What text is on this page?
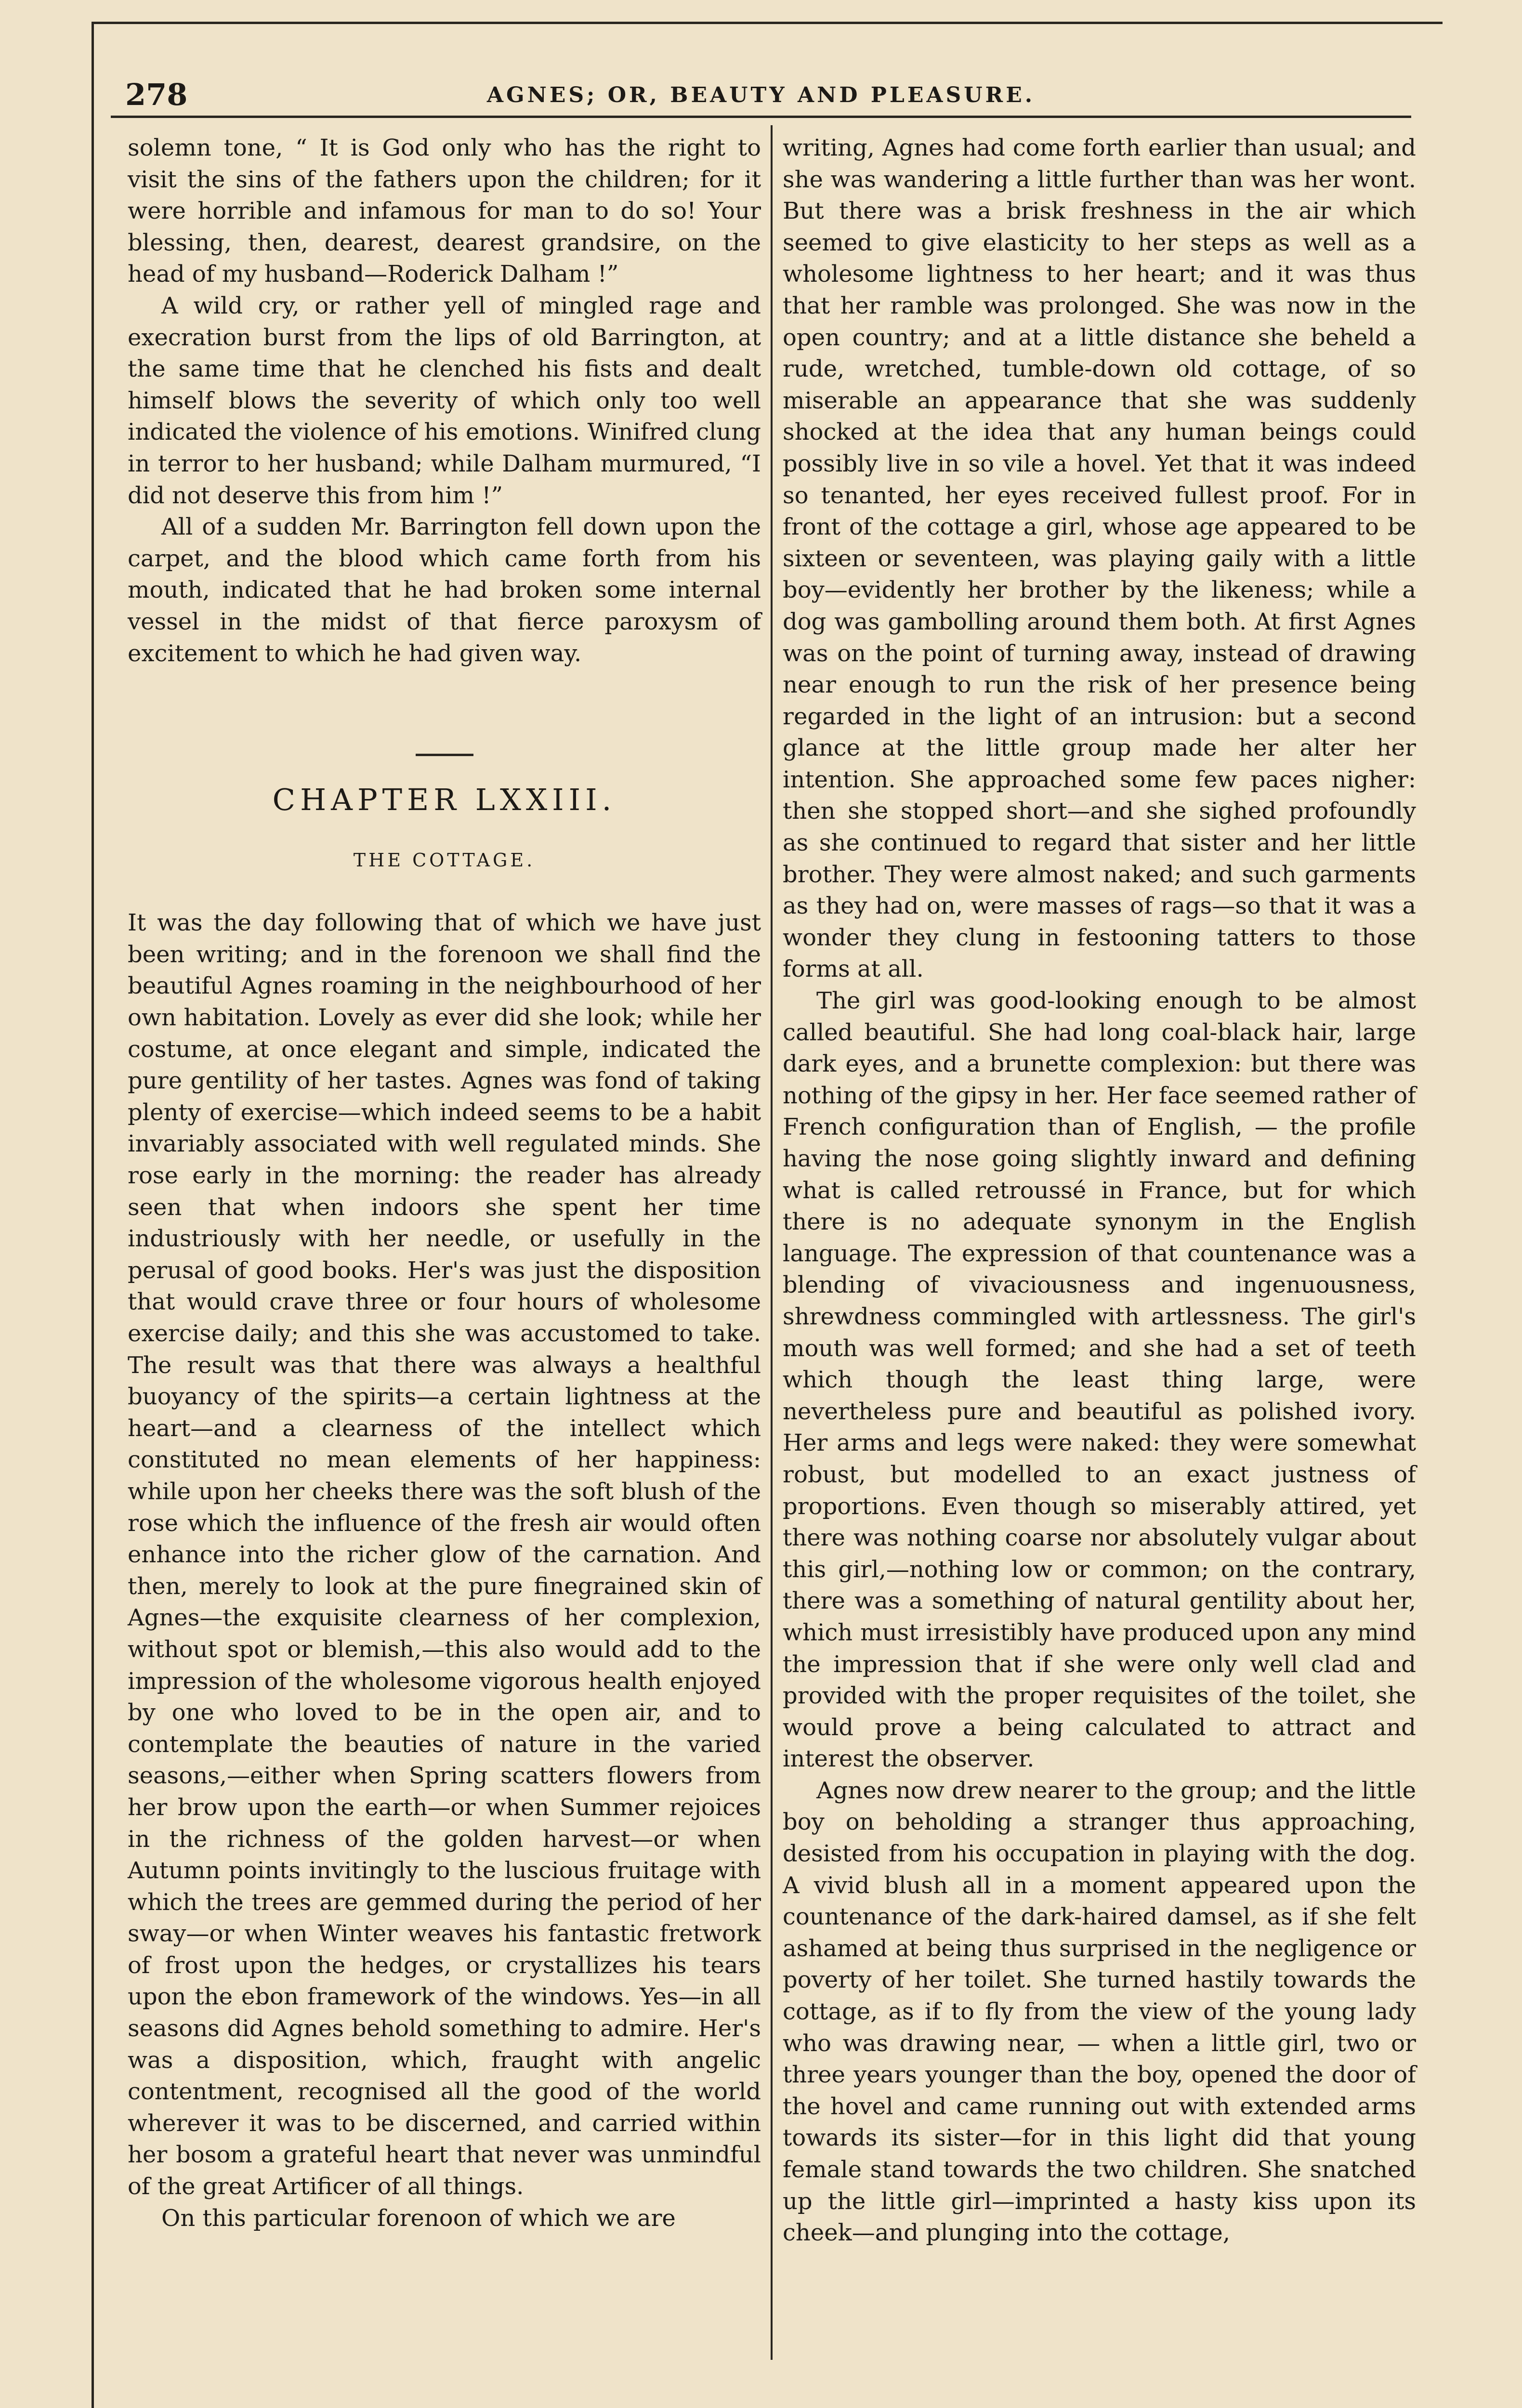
278	AGNES; OR, BEAUTY AND PLEASURE.

solemn tone, “ It is God only who has the right to visit the sins of the fathers upon the children; for it were horrible and infamous for man to do so! Your blessing, then, dearest, dearest grandsire, on the head of my husband—Roderick Dalham !”

A wild cry, or rather yell of mingled rage and execration burst from the lips of old Barrington, at the same time that he clenched his fists and dealt himself blows the severity of which only too well indicated the violence of his emotions. Winifred clung in terror to her husband; while Dalham murmured, “I did not deserve this from him !”

All of a sudden Mr. Barrington fell down upon the carpet, and the blood which came forth from his mouth, indicated that he had broken some internal vessel in the midst of that fierce paroxysm of excitement to which he had given way.

CHAPTER LXXIII.
THE COTTAGE.

It was the day following that of which we have just been writing; and in the forenoon we shall find the beautiful Agnes roaming in the neighbourhood of her own habitation. Lovely as ever did she look; while her costume, at once elegant and simple, indicated the pure gentility of her tastes. Agnes was fond of taking plenty of exercise—which indeed seems to be a habit invariably associated with well regulated minds. She rose early in the morning: the reader has already seen that when indoors she spent her time industriously with her needle, or usefully in the perusal of good books. Her's was just the disposition that would crave three or four hours of wholesome exercise daily; and this she was accustomed to take. The result was that there was always a healthful buoyancy of the spirits—a certain lightness at the heart—and a clearness of the intellect which constituted no mean elements of her happiness: while upon her cheeks there was the soft blush of the rose which the influence of the fresh air would often enhance into the richer glow of the carnation. And then, merely to look at the pure finegrained skin of Agnes—the exquisite clearness of her complexion, without spot or blemish,—this also would add to the impression of the wholesome vigorous health enjoyed by one who loved to be in the open air, and to contemplate the beauties of nature in the varied seasons,—either when Spring scatters flowers from her brow upon the earth—or when Summer rejoices in the richness of the golden harvest—or when Autumn points invitingly to the luscious fruitage with which the trees are gemmed during the period of her sway—or when Winter weaves his fantastic fretwork of frost upon the hedges, or crystallizes his tears upon the ebon framework of the windows. Yes—in all seasons did Agnes behold something to admire. Her's was a disposition, which, fraught with angelic contentment, recognised all the good of the world wherever it was to be discerned, and carried within her bosom a grateful heart that never was unmindful of the great Artificer of all things.

On this particular forenoon of which we are

writing, Agnes had come forth earlier than usual; and she was wandering a little further than was her wont. But there was a brisk freshness in the air which seemed to give elasticity to her steps as well as a wholesome lightness to her heart; and it was thus that her ramble was prolonged. She was now in the open country; and at a little distance she beheld a rude, wretched, tumble-down old cottage, of so miserable an appearance that she was suddenly shocked at the idea that any human beings could possibly live in so vile a hovel. Yet that it was indeed so tenanted, her eyes received fullest proof. For in front of the cottage a girl, whose age appeared to be sixteen or seventeen, was playing gaily with a little boy—evidently her brother by the likeness; while a dog was gambolling around them both. At first Agnes was on the point of turning away, instead of drawing near enough to run the risk of her presence being regarded in the light of an intrusion: but a second glance at the little group made her alter her intention. She approached some few paces nigher: then she stopped short—and she sighed profoundly as she continued to regard that sister and her little brother. They were almost naked; and such garments as they had on, were masses of rags—so that it was a wonder they clung in festooning tatters to those forms at all.

The girl was good-looking enough to be almost called beautiful. She had long coal-black hair, large dark eyes, and a brunette complexion: but there was nothing of the gipsy in her. Her face seemed rather of French configuration than of English, — the profile having the nose going slightly inward and defining what is called retroussé in France, but for which there is no adequate synonym in the English language. The expression of that countenance was a blending of vivaciousness and ingenuousness, shrewdness commingled with artlessness. The girl's mouth was well formed; and she had a set of teeth which though the least thing large, were nevertheless pure and beautiful as polished ivory. Her arms and legs were naked: they were somewhat robust, but modelled to an exact justness of proportions. Even though so miserably attired, yet there was nothing coarse nor absolutely vulgar about this girl,—nothing low or common; on the contrary, there was a something of natural gentility about her, which must irresistibly have produced upon any mind the impression that if she were only well clad and provided with the proper requisites of the toilet, she would prove a being calculated to attract and interest the observer.

Agnes now drew nearer to the group; and the little boy on beholding a stranger thus approaching, desisted from his occupation in playing with the dog. A vivid blush all in a moment appeared upon the countenance of the dark-haired damsel, as if she felt ashamed at being thus surprised in the negligence or poverty of her toilet. She turned hastily towards the cottage, as if to fly from the view of the young lady who was drawing near, — when a little girl, two or three years younger than the boy, opened the door of the hovel and came running out with extended arms towards its sister—for in this light did that young female stand towards the two children. She snatched up the little girl—imprinted a hasty kiss upon its cheek—and plunging into the cottage,
